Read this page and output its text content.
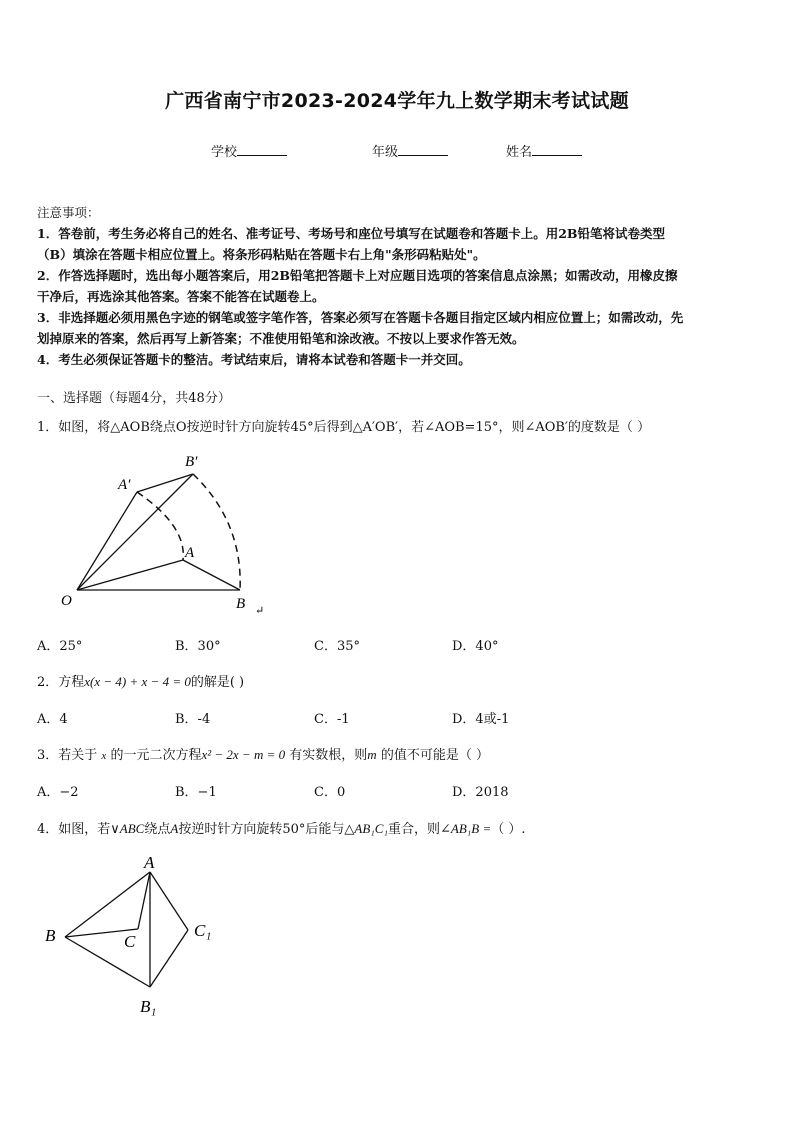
广西省南宁市2023-2024学年九上数学期末考试试题
学校	年级	姓名

注意事项：

1．答卷前，考生务必将自己的姓名、准考证号、考场号和座位号填写在试题卷和答题卡上。用2B铅笔将试卷类型

（B）填涂在答题卡相应位置上。将条形码粘贴在答题卡右上角"条形码粘贴处"。

2．作答选择题时，选出每小题答案后，用2B铅笔把答题卡上对应题目选项的答案信息点涂黑；如需改动，用橡皮擦

干净后，再选涂其他答案。答案不能答在试题卷上。

3．非选择题必须用黑色字迹的钢笔或签字笔作答，答案必须写在答题卡各题目指定区域内相应位置上；如需改动，先

划掉原来的答案，然后再写上新答案；不准使用铅笔和涂改液。不按以上要求作答无效。

4．考生必须保证答题卡的整洁。考试结束后，请将本试卷和答题卡一并交回。

一、选择题（每题4分，共48分）
1．如图，将△AOB绕点O按逆时针方向旋转45°后得到△A′OB′，若∠AOB=15°，则∠AOB′的度数是（ ）
O
A
B
A′
B′
↵
A．25°	B．30°	C．35°	D．40°
2．方程x(x − 4) + x − 4 = 0的解是( )
A．4	B．-4	C．-1	D．4或-1
3．若关于 x 的一元二次方程x² − 2x − m = 0 有实数根，则m 的值不可能是（ ）
A．−2	B．−1	C．0	D．2018
4．如图，若∨ABC绕点A按逆时针方向旋转50°后能与△AB₁C₁重合，则∠AB₁B =（ ）.
A
B	C
C₁
B₁
